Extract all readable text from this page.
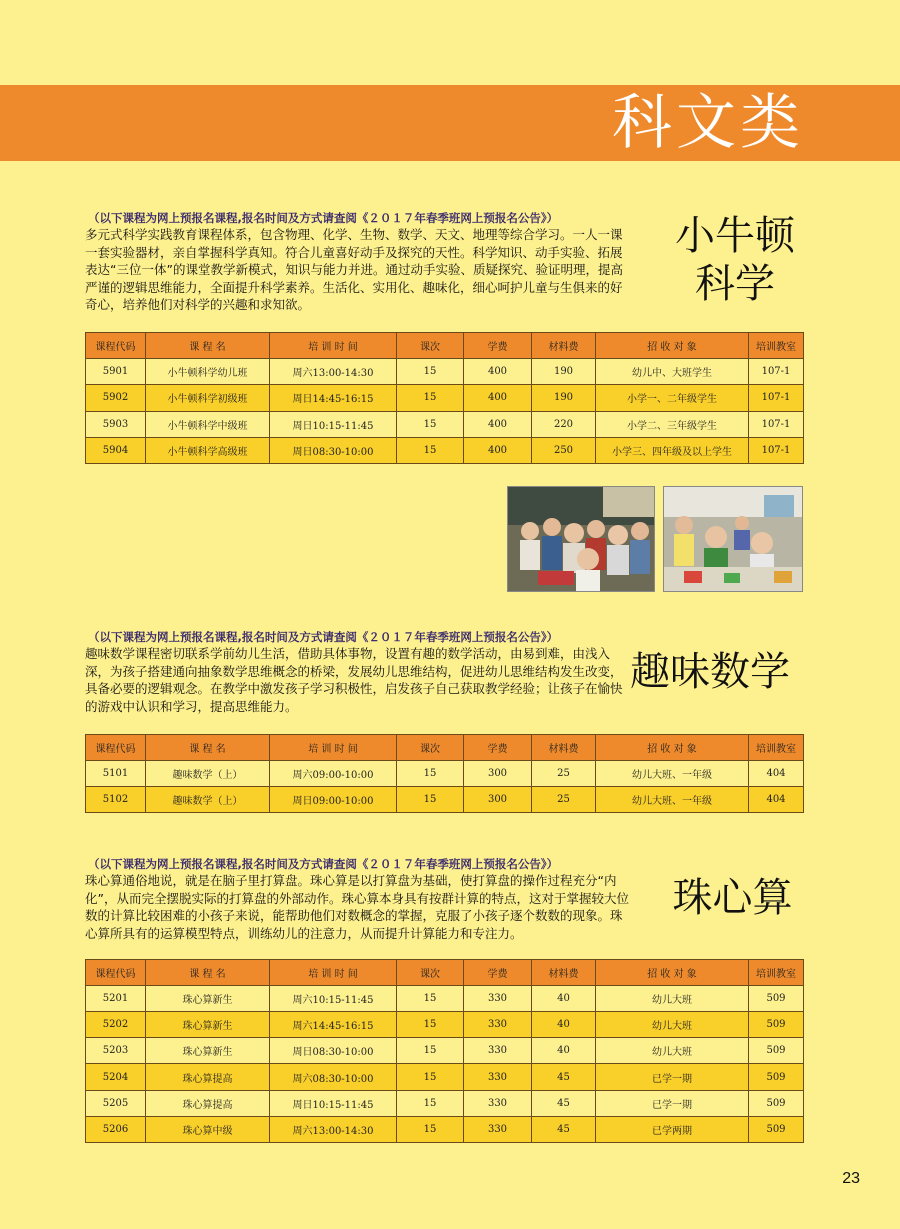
科文类
（以下课程为网上预报名课程,报名时间及方式请查阅《２０１７年春季班网上预报名公告》）
多元式科学实践教育课程体系，包含物理、化学、生物、数学、天文、地理等综合学习。一人一课一套实验器材，亲自掌握科学真知。符合儿童喜好动手及探究的天性。科学知识、动手实验、拓展表达“三位一体”的课堂教学新模式，知识与能力并进。通过动手实验、质疑探究、验证明理，提高严谨的逻辑思维能力，全面提升科学素养。生活化、实用化、趣味化，细心呵护儿童与生俱来的好奇心，培养他们对科学的兴趣和求知欲。
小牛顿
科学
课程代码	课 程 名	培 训 时 间	课次	学费	材料费	招 收 对 象	培训教室
5901	小牛顿科学幼儿班	周六13:00-14:30	15	400	190	幼儿中、大班学生	107-1
5902	小牛顿科学初级班	周日14:45-16:15	15	400	190	小学一、二年级学生	107-1
5903	小牛顿科学中级班	周日10:15-11:45	15	400	220	小学二、三年级学生	107-1
5904	小牛顿科学高级班	周日08:30-10:00	15	400	250	小学三、四年级及以上学生	107-1
（以下课程为网上预报名课程,报名时间及方式请查阅《２０１７年春季班网上预报名公告》）
趣味数学课程密切联系学前幼儿生活，借助具体事物，设置有趣的数学活动，由易到难，由浅入深，为孩子搭建通向抽象数学思维概念的桥梁，发展幼儿思维结构，促进幼儿思维结构发生改变，具备必要的逻辑观念。在教学中激发孩子学习积极性，启发孩子自己获取教学经验；让孩子在愉快的游戏中认识和学习，提高思维能力。
趣味数学
课程代码	课 程 名	培 训 时 间	课次	学费	材料费	招 收 对 象	培训教室
5101	趣味数学（上）	周六09:00-10:00	15	300	25	幼儿大班、一年级	404
5102	趣味数学（上）	周日09:00-10:00	15	300	25	幼儿大班、一年级	404
（以下课程为网上预报名课程,报名时间及方式请查阅《２０１７年春季班网上预报名公告》）
珠心算通俗地说，就是在脑子里打算盘。珠心算是以打算盘为基础，使打算盘的操作过程充分“内化”，从而完全摆脱实际的打算盘的外部动作。珠心算本身具有按群计算的特点，这对于掌握较大位数的计算比较困难的小孩子来说，能帮助他们对数概念的掌握，克服了小孩子逐个数数的现象。珠心算所具有的运算模型特点，训练幼儿的注意力，从而提升计算能力和专注力。
珠心算
课程代码	课 程 名	培 训 时 间	课次	学费	材料费	招 收 对 象	培训教室
5201	珠心算新生	周六10:15-11:45	15	330	40	幼儿大班	509
5202	珠心算新生	周六14:45-16:15	15	330	40	幼儿大班	509
5203	珠心算新生	周日08:30-10:00	15	330	40	幼儿大班	509
5204	珠心算提高	周六08:30-10:00	15	330	45	已学一期	509
5205	珠心算提高	周日10:15-11:45	15	330	45	已学一期	509
5206	珠心算中级	周六13:00-14:30	15	330	45	已学两期	509
23
